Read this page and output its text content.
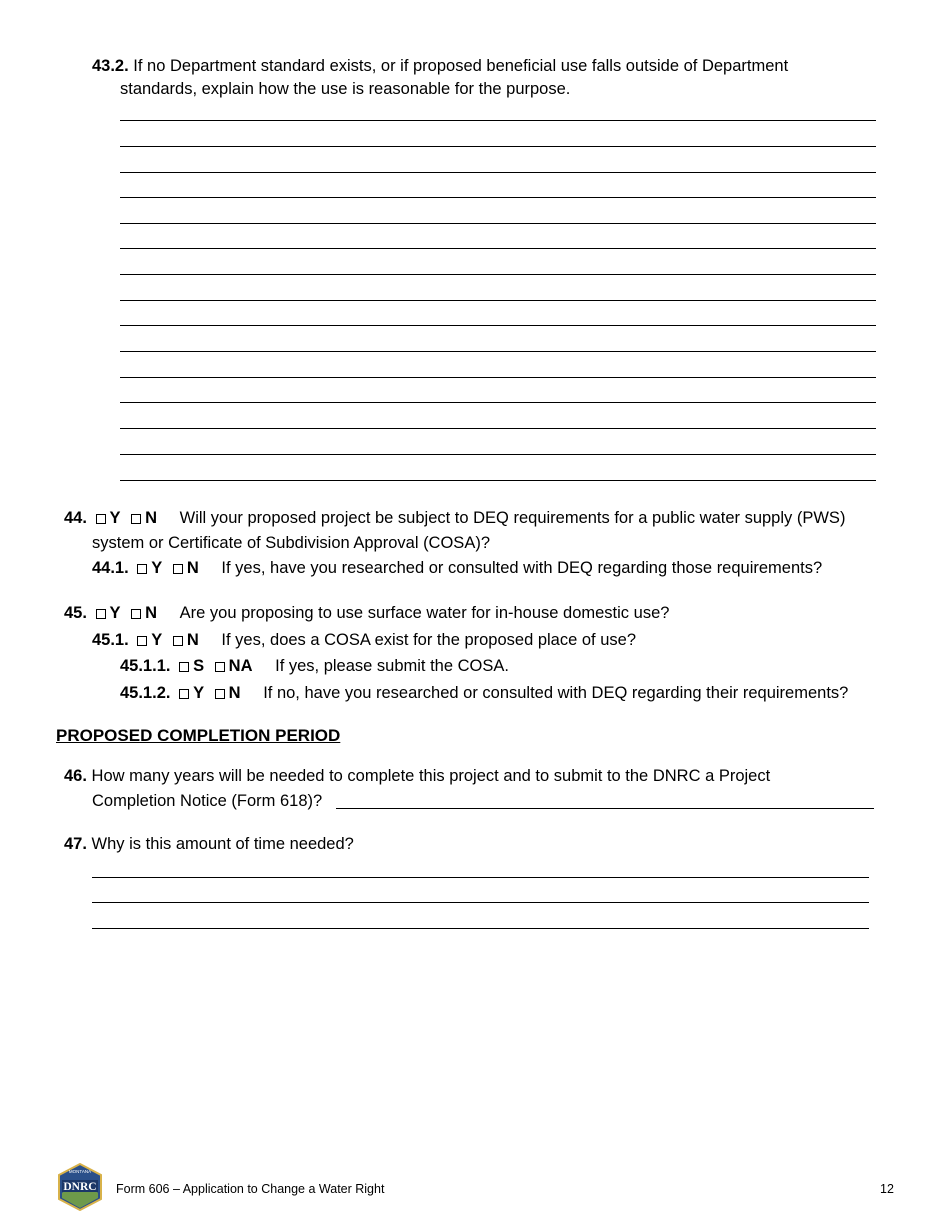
43.2. If no Department standard exists, or if proposed beneficial use falls outside of Department
standards, explain how the use is reasonable for the purpose.
44. Y N Will your proposed project be subject to DEQ requirements for a public water supply (PWS)
system or Certificate of Subdivision Approval (COSA)?
44.1. Y N If yes, have you researched or consulted with DEQ regarding those requirements?
45. Y N Are you proposing to use surface water for in-house domestic use?
45.1. Y N If yes, does a COSA exist for the proposed place of use?
45.1.1. S NA If yes, please submit the COSA.
45.1.2. Y N If no, have you researched or consulted with DEQ regarding their requirements?
PROPOSED COMPLETION PERIOD
46. How many years will be needed to complete this project and to submit to the DNRC a Project
Completion Notice (Form 618)?
47. Why is this amount of time needed?
MONTANA
DNRC Form 606 – Application to Change a Water Right	12
